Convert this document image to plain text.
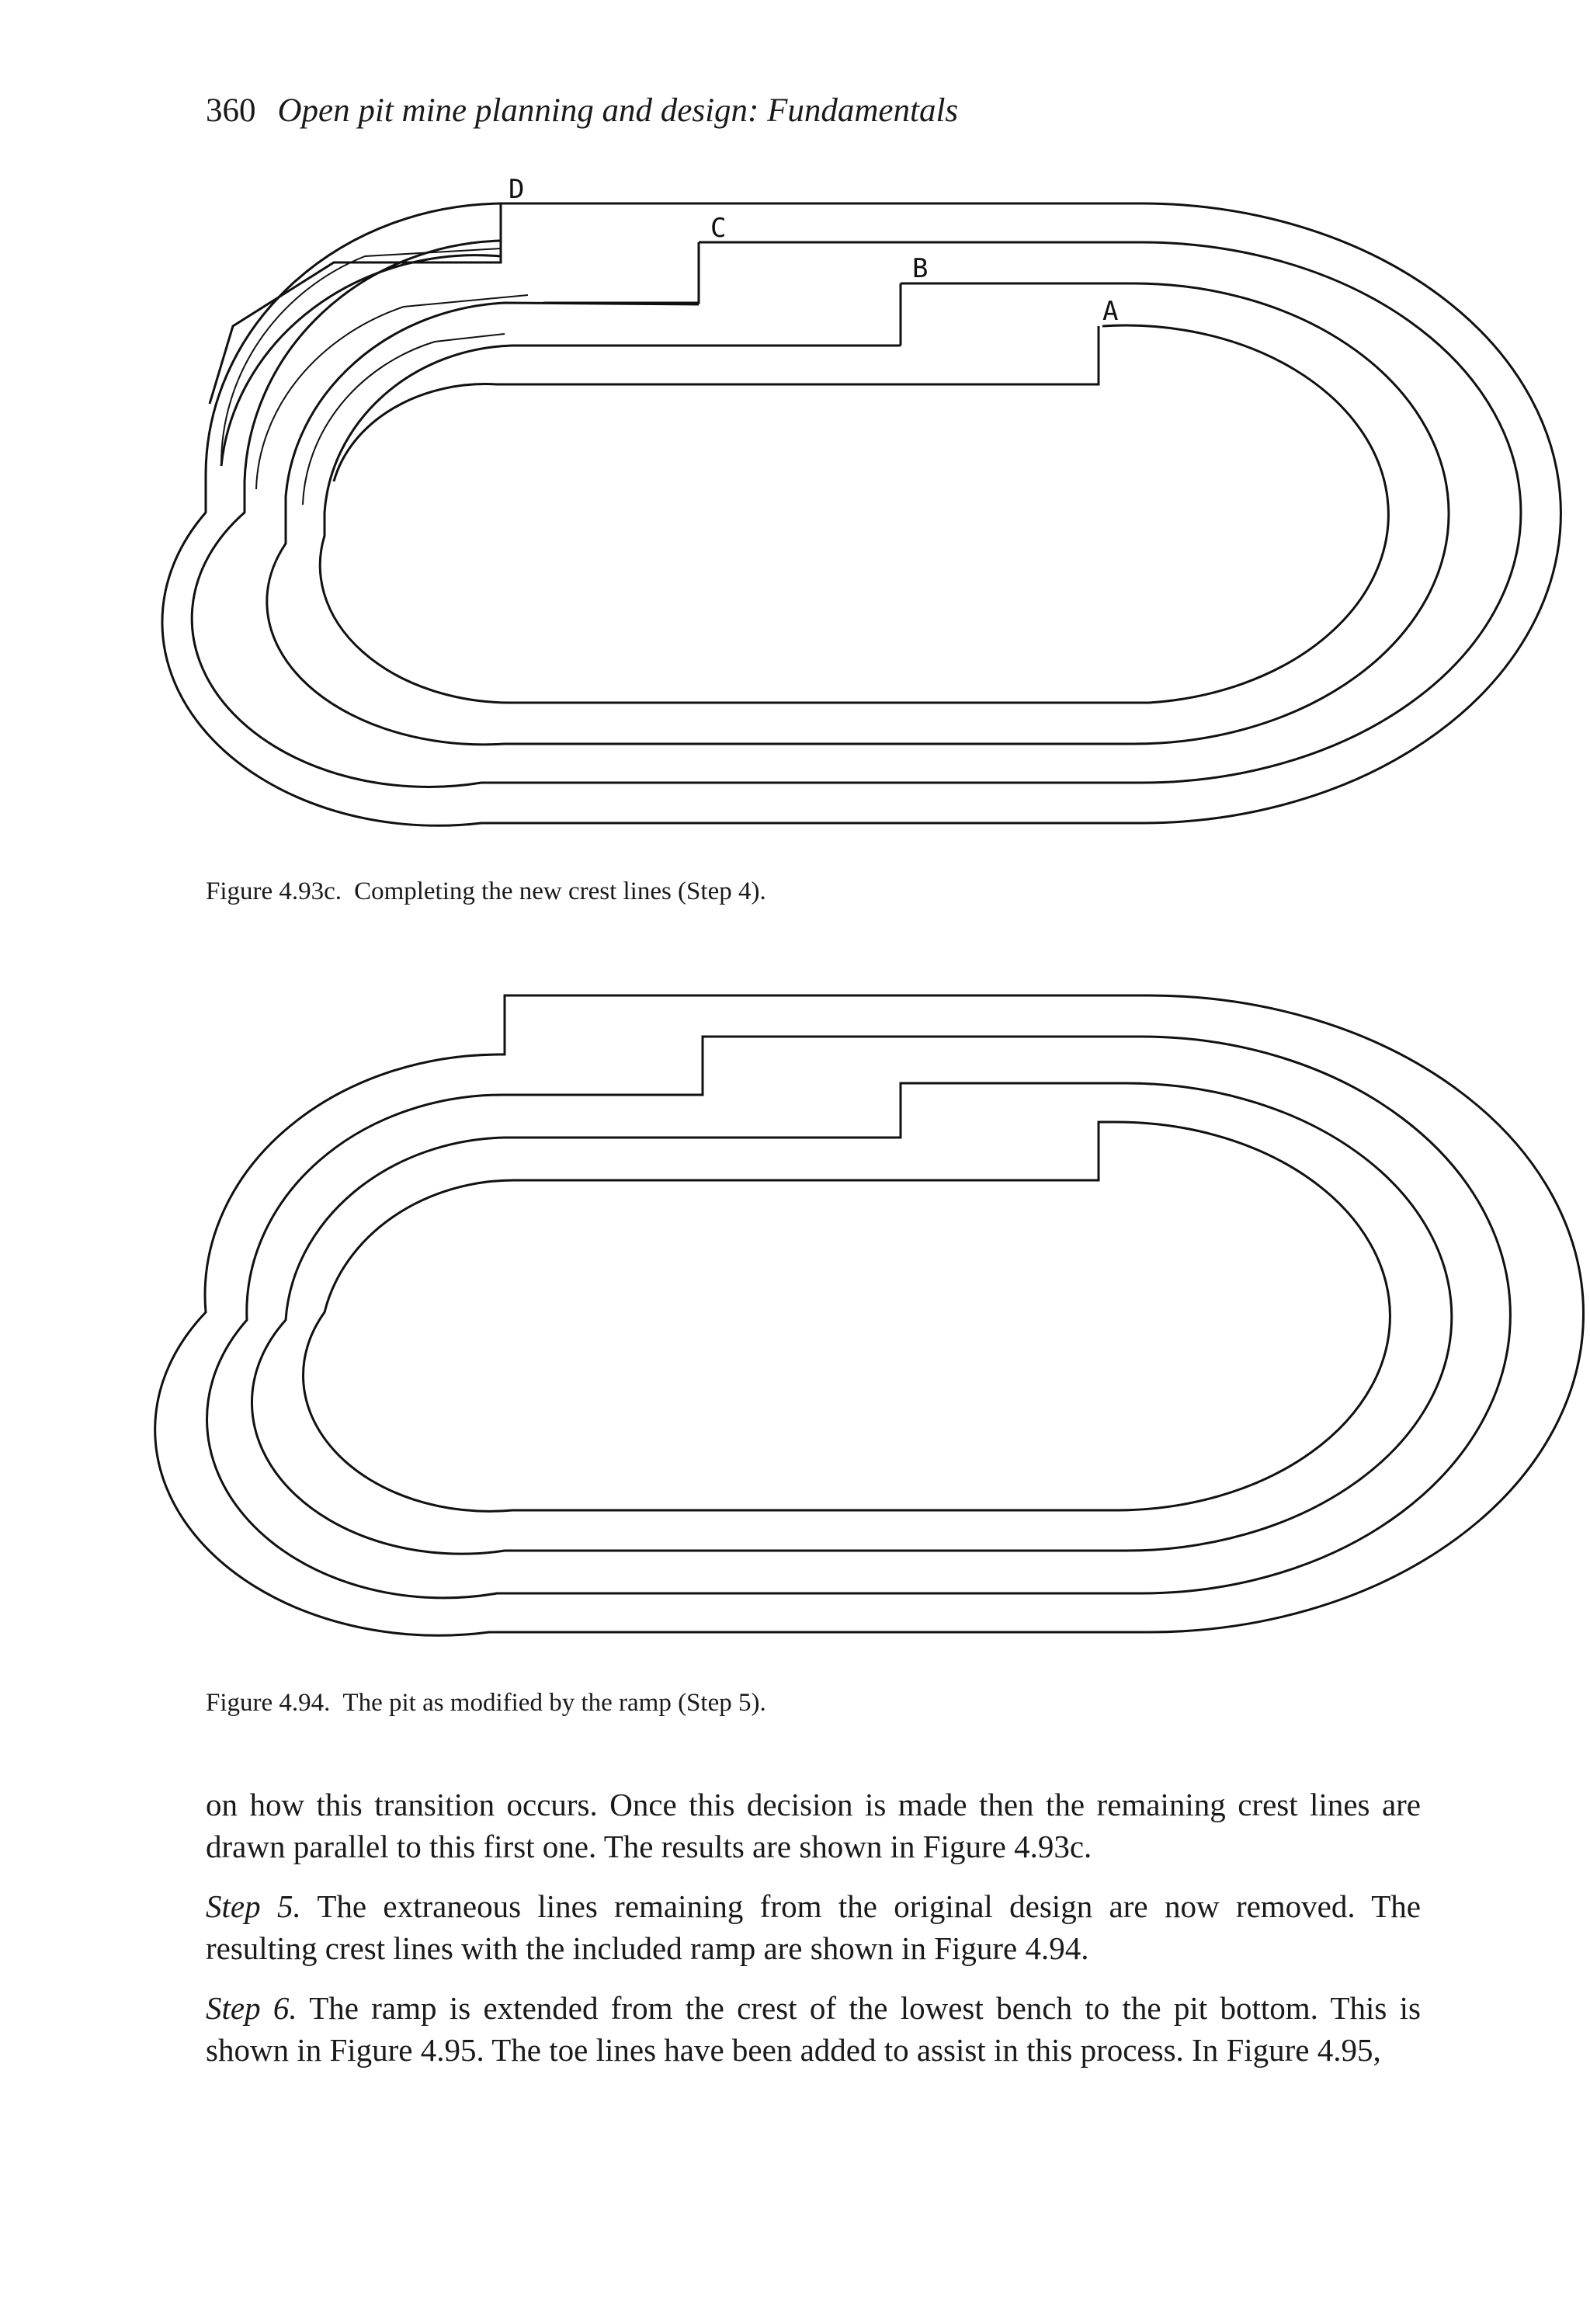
360 Open pit mine planning and design: Fundamentals
D
C
B
A
Figure 4.93c. Completing the new crest lines (Step 4).
Figure 4.94. The pit as modified by the ramp (Step 5).
on how this transition occurs. Once this decision is made then the remaining crest lines are drawn parallel to this first one. The results are shown in Figure 4.93c.
Step 5. The extraneous lines remaining from the original design are now removed. The resulting crest lines with the included ramp are shown in Figure 4.94.
Step 6. The ramp is extended from the crest of the lowest bench to the pit bottom. This is shown in Figure 4.95. The toe lines have been added to assist in this process. In Figure 4.95,
